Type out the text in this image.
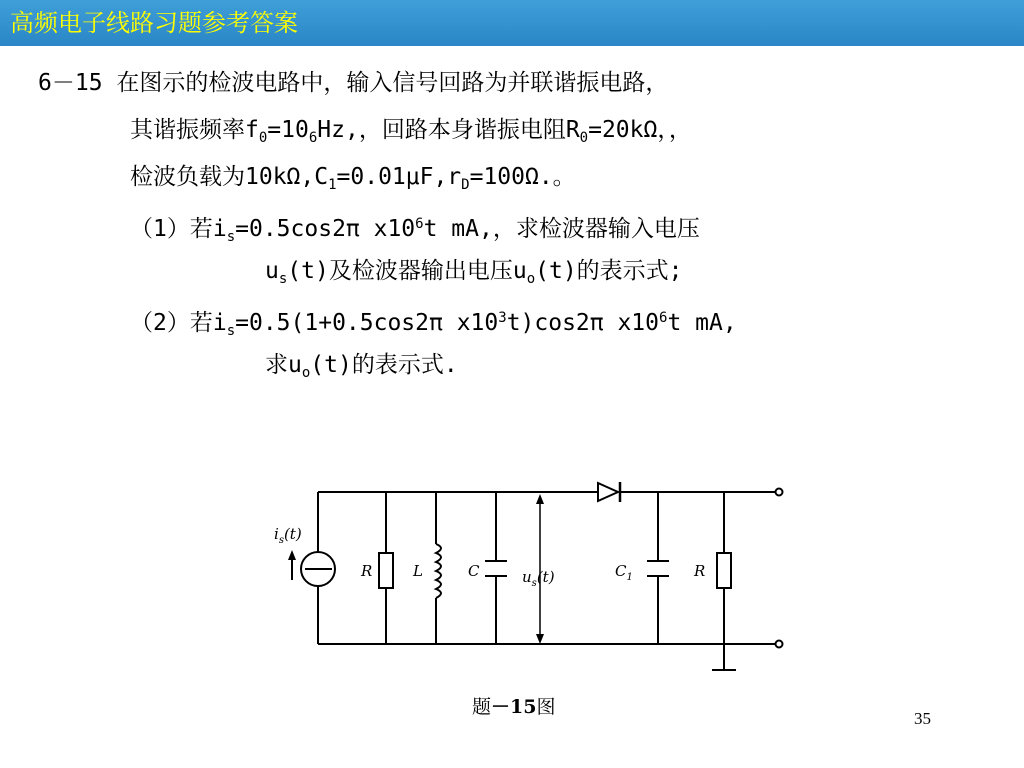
高频电子线路习题参考答案
6－15 在图示的检波电路中，输入信号回路为并联谐振电路，
其谐振频率$f_0=10_6Hz$,，回路本身谐振电阻$R_0=20k\Omega$，，
检波负载为$10k\Omega,C_1=0.01\mu F,r_D=100\Omega$.。
（1）若$i_s=0.5\cos 2\pi$ $x10^6t$ mA,，求检波器输入电压
$u_s(t)$及检波器输出电压$u_o(t)$的表示式;
（2）若$i_s=0.5(1+0.5\cos 2\pi$ $x10^3t)\cos 2\pi$ $x10^6t$ mA,
求$u_o(t)$的表示式.
$i_s(t)$
R	L	C	$u_s(t)$	$C_1$	R
题－15图
35
